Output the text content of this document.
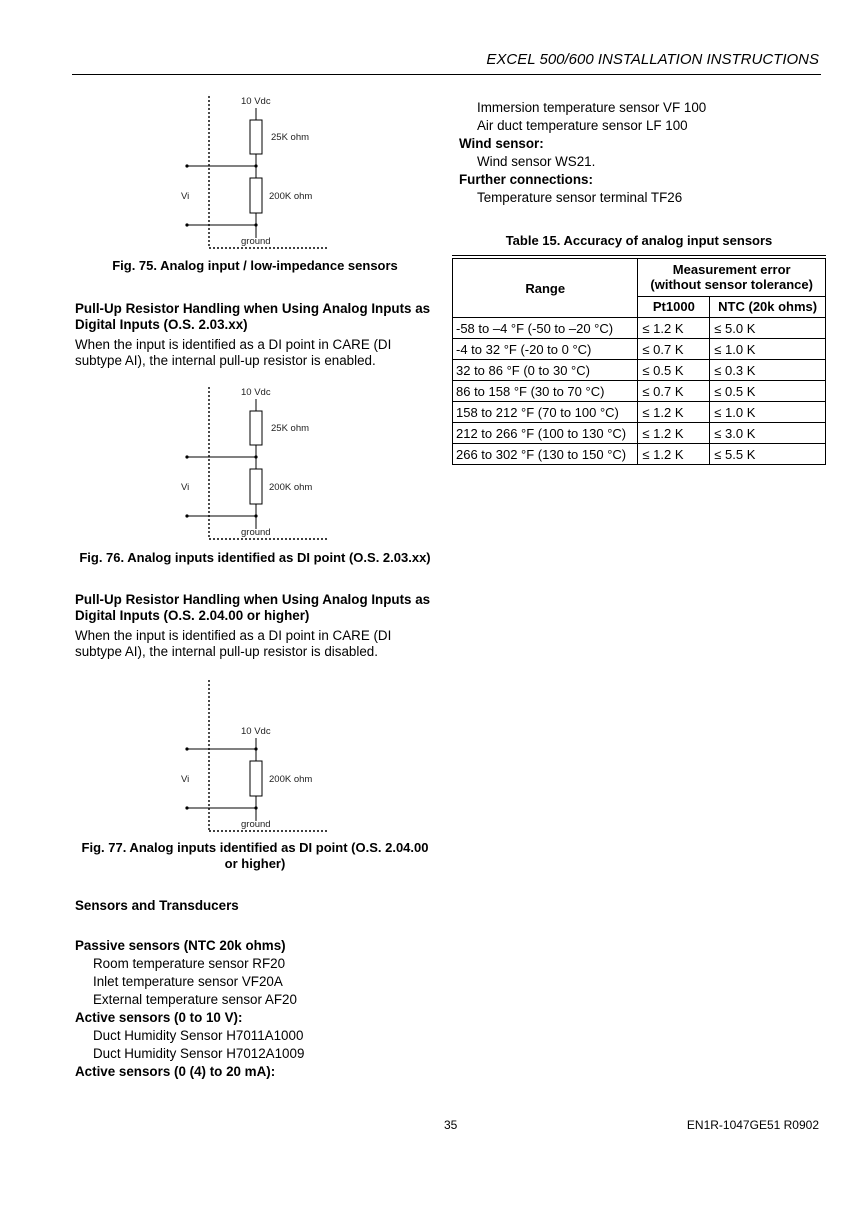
EXCEL 500/600 INSTALLATION INSTRUCTIONS
10 Vdc
25K ohm
Vi	200K ohm
ground
Fig. 75. Analog input / low-impedance sensors
Pull-Up Resistor Handling when Using Analog Inputs as Digital Inputs (O.S. 2.03.xx)
When the input is identified as a DI point in CARE (DI subtype AI), the internal pull-up resistor is enabled.
10 Vdc
25K ohm
Vi	200K ohm
ground
Fig. 76. Analog inputs identified as DI point (O.S. 2.03.xx)
Pull-Up Resistor Handling when Using Analog Inputs as Digital Inputs (O.S. 2.04.00 or higher)
When the input is identified as a DI point in CARE (DI subtype AI), the internal pull-up resistor is disabled.
10 Vdc
Vi	200K ohm
ground
Fig. 77. Analog inputs identified as DI point (O.S. 2.04.00 or higher)
Sensors and Transducers
Passive sensors (NTC 20k ohms)
Room temperature sensor RF20
Inlet temperature sensor VF20A
External temperature sensor AF20
Active sensors (0 to 10 V):
Duct Humidity Sensor H7011A1000
Duct Humidity Sensor H7012A1009
Active sensors (0 (4) to 20 mA):
Immersion temperature sensor VF 100
Air duct temperature sensor LF 100
Wind sensor:
Wind sensor WS21.
Further connections:
Temperature sensor terminal TF26
Table 15. Accuracy of analog input sensors
Range	Measurement error
(without sensor tolerance)	

	Pt1000	NTC (20k ohms)
-58 to –4 °F (-50 to –20 °C)	≤ 1.2 K	≤ 5.0 K
-4 to 32 °F (-20 to 0 °C)	≤ 0.7 K	≤ 1.0 K
32 to 86 °F (0 to 30 °C)	≤ 0.5 K	≤ 0.3 K
86 to 158 °F (30 to 70 °C)	≤ 0.7 K	≤ 0.5 K
158 to 212 °F (70 to 100 °C)	≤ 1.2 K	≤ 1.0 K
212 to 266 °F (100 to 130 °C)	≤ 1.2 K	≤ 3.0 K
266 to 302 °F (130 to 150 °C)	≤ 1.2 K	≤ 5.5 K
35	EN1R-1047GE51 R0902
